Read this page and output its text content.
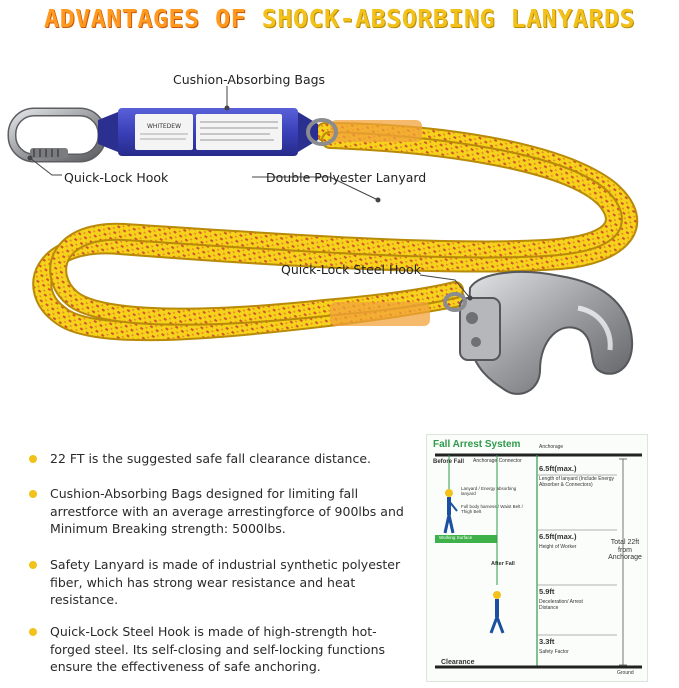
ADVANTAGES OF SHOCK-ABSORBING LANYARDS
WHITEDEW
Cushion-Absorbing Bags
Quick-Lock Hook	Double Polyester Lanyard
Quick-Lock Steel Hook
22 FT is the suggested safe fall clearance distance.
Cushion-Absorbing Bags designed for limiting fall arrestforce with an average arrestingforce of 900lbs and Minimum Breaking strength: 5000lbs.
Safety Lanyard is made of industrial synthetic polyester fiber, which has strong wear resistance and heat resistance.
Quick-Lock Steel Hook is made of high-strength hot-forged steel. Its self-closing and self-locking functions ensure the effectiveness of safe anchoring.
Fall Arrest System	Anchorage
Before Fall Anchorage Connector
Lanyard / Energy absorbing lanyard
Full body harness / Waist Belt / Thigh Belt
Working Surface
After Fall
6.5ft(max.)
Length of lanyard (Include Energy Absorber & Connectors)
6.5ft(max.)
Height of Worker
5.9ft
Deceleration/ Arrest Distance
3.3ft
Safety Factor
Total 22ft from Anchorage
Clearance
Ground
